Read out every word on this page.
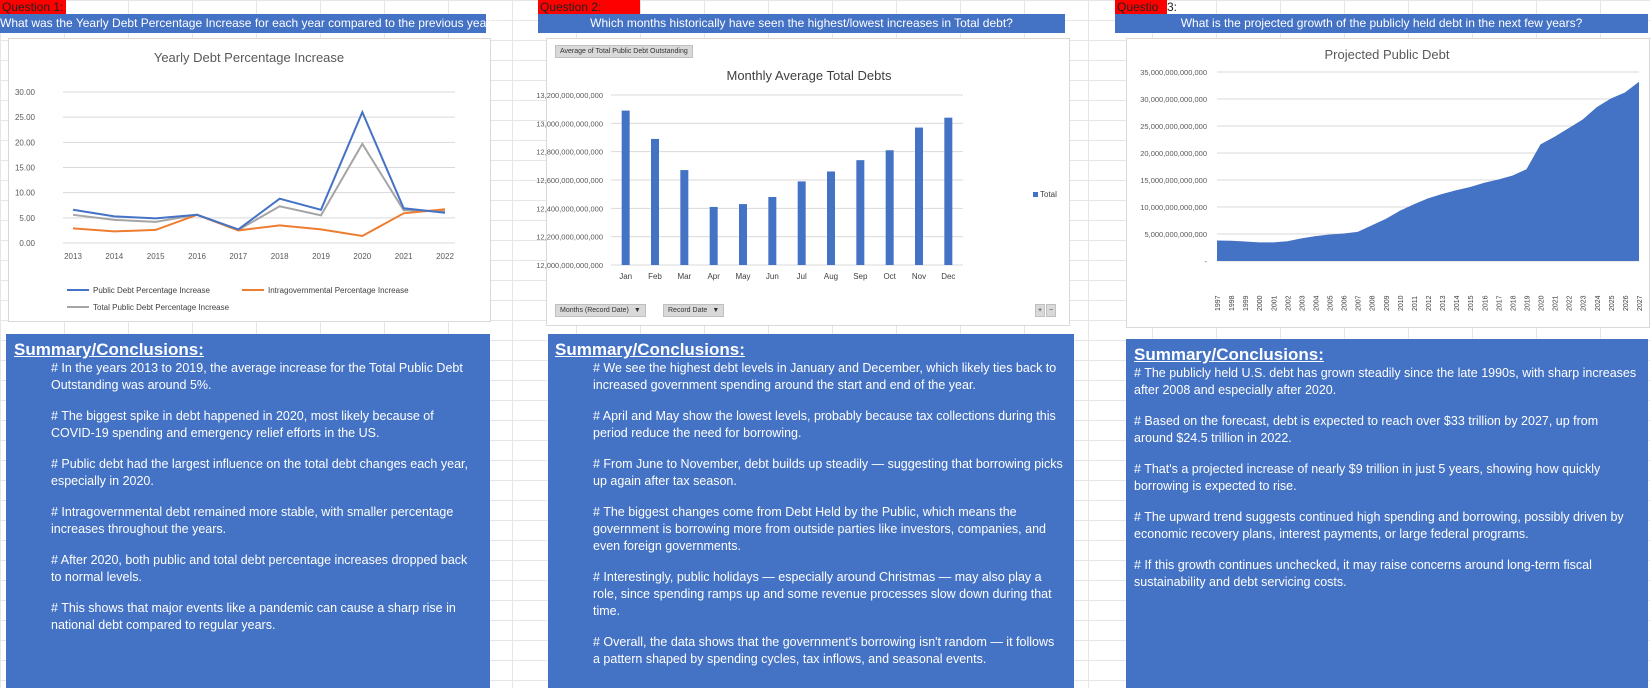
Question 1:
What was the Yearly Debt Percentage Increase for each year compared to the previous year?
Yearly Debt Percentage Increase
30.00
25.00
20.00
15.00
10.00
5.00
0.00
2013	2014	2015	2016	2017	2018	2019	2020	2021	2022
Public Debt Percentage Increase	Intragovernmental Percentage Increase
Total Public Debt Percentage Increase
Summary/Conclusions:

# In the years 2013 to 2019, the average increase for the Total Public Debt Outstanding was around 5%.

# The biggest spike in debt happened in 2020, most likely because of COVID-19 spending and emergency relief efforts in the US.

# Public debt had the largest influence on the total debt changes each year, especially in 2020.

# Intragovernmental debt remained more stable, with smaller percentage increases throughout the years.

# After 2020, both public and total debt percentage increases dropped back to normal levels.

# This shows that major events like a pandemic can cause a sharp rise in national debt compared to regular years.

Question 2:
Which months historically have seen the highest/lowest increases in Total debt?
Average of Total Public Debt Outstanding
Monthly Average Total Debts
13,200,000,000,000
13,000,000,000,000
12,800,000,000,000
12,600,000,000,000
12,400,000,000,000
12,200,000,000,000
12,000,000,000,000
Jan Feb Mar Apr May Jun Jul Aug Sep Oct Nov Dec
Total
Months (Record Date) ▼	Record Date ▼	+ −
Summary/Conclusions:

# We see the highest debt levels in January and December, which likely ties back to increased government spending around the start and end of the year.

# April and May show the lowest levels, probably because tax collections during this period reduce the need for borrowing.

# From June to November, debt builds up steadily — suggesting that borrowing picks up again after tax season.

# The biggest changes come from Debt Held by the Public, which means the government is borrowing more from outside parties like investors, companies, and even foreign governments.

# Interestingly, public holidays — especially around Christmas — may also play a role, since spending ramps up and some revenue processes slow down during that time.

# Overall, the data shows that the government's borrowing isn't random — it follows a pattern shaped by spending cycles, tax inflows, and seasonal events.

Questio 3:
What is the projected growth of the publicly held debt in the next few years?
Projected Public Debt
35,000,000,000,000
30,000,000,000,000
25,000,000,000,000
20,000,000,000,000
15,000,000,000,000
10,000,000,000,000
5,000,000,000,000
-
1997 1998 1999 2000 2001 2002 2003 2004 2005 2006 2007 2008 2009 2010 2011 2012 2013 2014 2015 2016 2017 2018 2019 2020 2021 2022 2023 2024 2025 2026 2027
Summary/Conclusions:

# The publicly held U.S. debt has grown steadily since the late 1990s, with sharp increases after 2008 and especially after 2020.

# Based on the forecast, debt is expected to reach over $33 trillion by 2027, up from around $24.5 trillion in 2022.

# That's a projected increase of nearly $9 trillion in just 5 years, showing how quickly borrowing is expected to rise.

# The upward trend suggests continued high spending and borrowing, possibly driven by economic recovery plans, interest payments, or large federal programs.

# If this growth continues unchecked, it may raise concerns around long-term fiscal sustainability and debt servicing costs.
